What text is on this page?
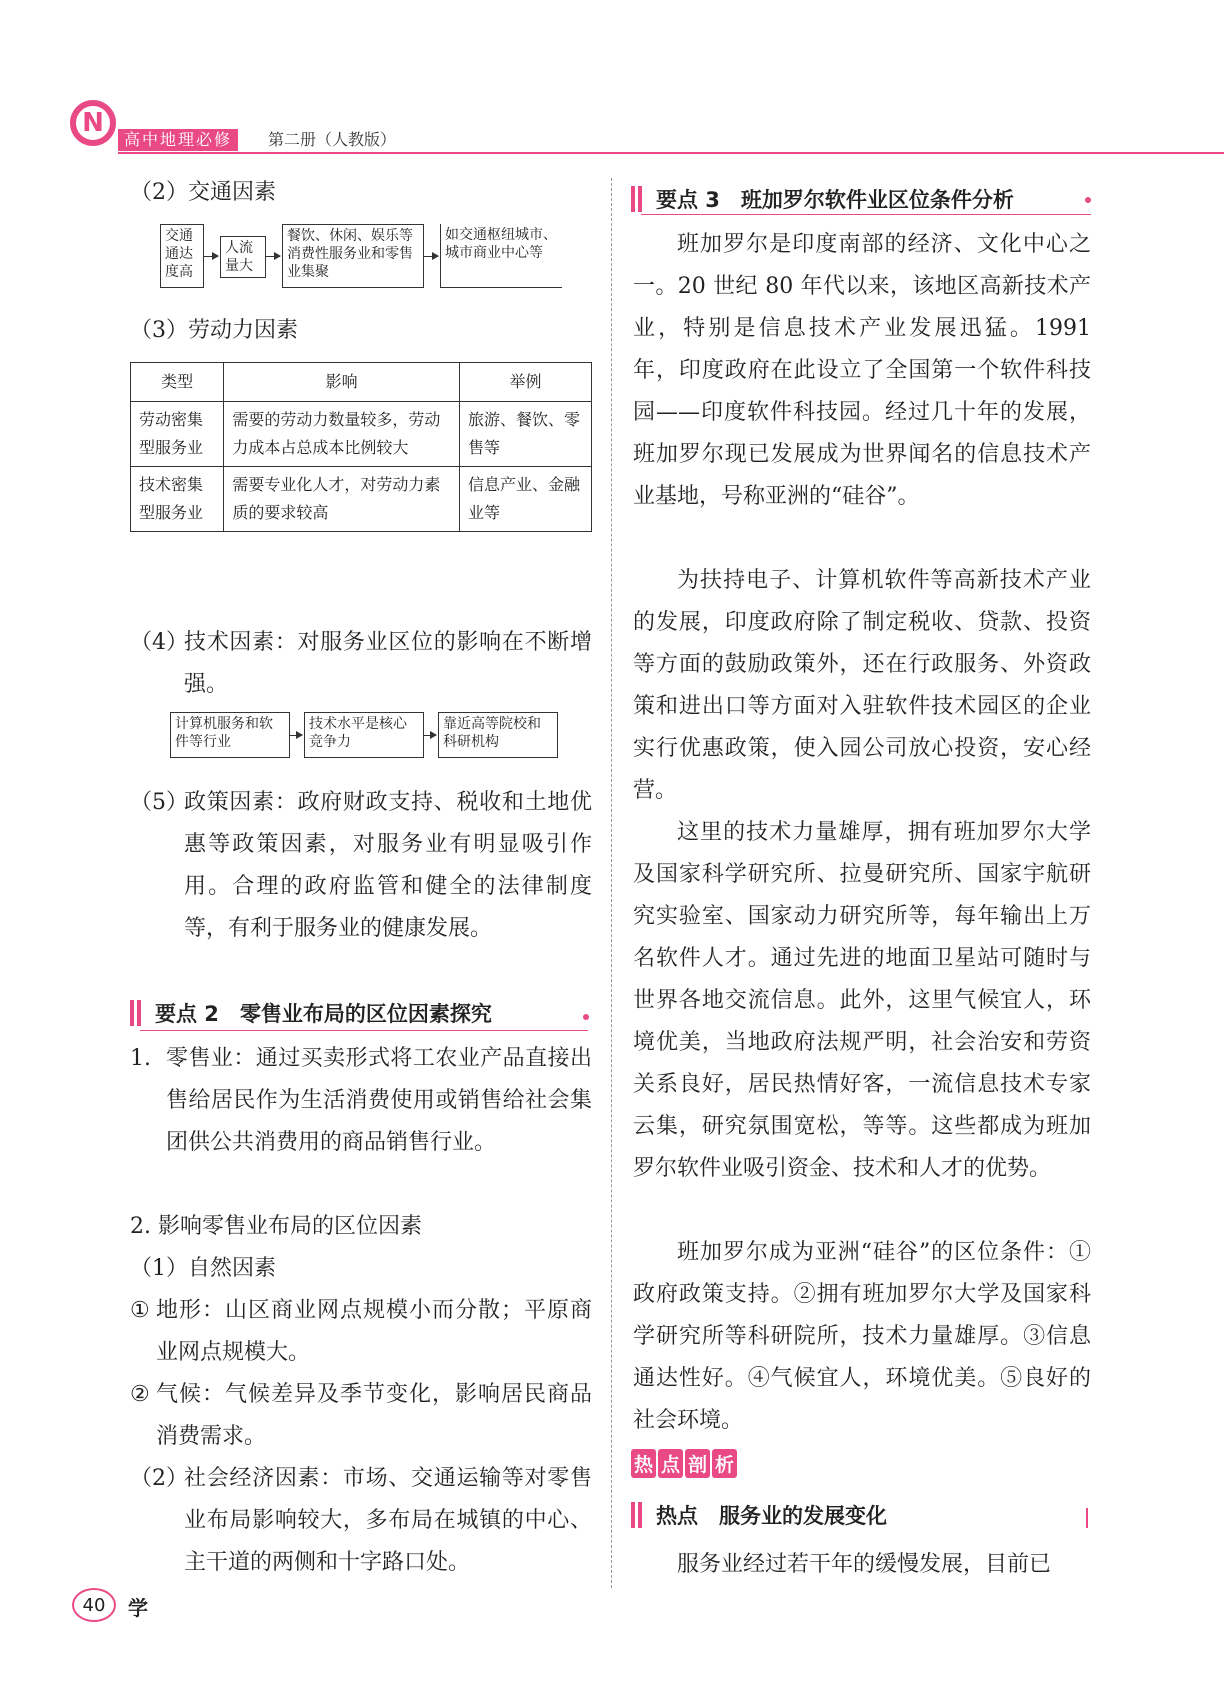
N
高中地理必修	第二册（人教版）
（2）交通因素
交通通达度高
人流量大
餐饮、休闲、娱乐等消费性服务业和零售业集聚
如交通枢纽城市、城市商业中心等
（3）劳动力因素
类型	影响	举例
劳动密集型服务业	需要的劳动力数量较多，劳动力成本占总成本比例较大	旅游、餐饮、零售等
技术密集型服务业	需要专业化人才，对劳动力素质的要求较高	信息产业、金融业等
（4）
技术因素：对服务业区位的影响在不断增强。
计算机服务和软件等行业
技术水平是核心竞争力
靠近高等院校和科研机构
（5）
政策因素：政府财政支持、税收和土地优惠等政策因素，对服务业有明显吸引作用。合理的政府监管和健全的法律制度等，有利于服务业的健康发展。
要点 2　零售业布局的区位因素探究
1. 零售业：通过买卖形式将工农业产品直接出售给居民作为生活消费使用或销售给社会集团供公共消费用的商品销售行业。
2. 影响零售业布局的区位因素
（1）自然因素
① 地形：山区商业网点规模小而分散；平原商业网点规模大。
② 气候：气候差异及季节变化，影响居民商品消费需求。
（2）
社会经济因素：市场、交通运输等对零售业布局影响较大，多布局在城镇的中心、主干道的两侧和十字路口处。
要点 3　班加罗尔软件业区位条件分析
班加罗尔是印度南部的经济、文化中心之一。20 世纪 80 年代以来，该地区高新技术产业，特别是信息技术产业发展迅猛。1991 年，印度政府在此设立了全国第一个软件科技园——印度软件科技园。经过几十年的发展，班加罗尔现已发展成为世界闻名的信息技术产业基地，号称亚洲的“硅谷”。
为扶持电子、计算机软件等高新技术产业的发展，印度政府除了制定税收、贷款、投资等方面的鼓励政策外，还在行政服务、外资政策和进出口等方面对入驻软件技术园区的企业实行优惠政策，使入园公司放心投资，安心经营。
这里的技术力量雄厚，拥有班加罗尔大学及国家科学研究所、拉曼研究所、国家宇航研究实验室、国家动力研究所等，每年输出上万名软件人才。通过先进的地面卫星站可随时与世界各地交流信息。此外，这里气候宜人，环境优美，当地政府法规严明，社会治安和劳资关系良好，居民热情好客，一流信息技术专家云集，研究氛围宽松，等等。这些都成为班加罗尔软件业吸引资金、技术和人才的优势。
班加罗尔成为亚洲“硅谷”的区位条件：①政府政策支持。②拥有班加罗尔大学及国家科学研究所等科研院所，技术力量雄厚。③信息通达性好。④气候宜人，环境优美。⑤良好的社会环境。
热 点 剖 析
热点　服务业的发展变化
服务业经过若干年的缓慢发展，目前已
40	学
